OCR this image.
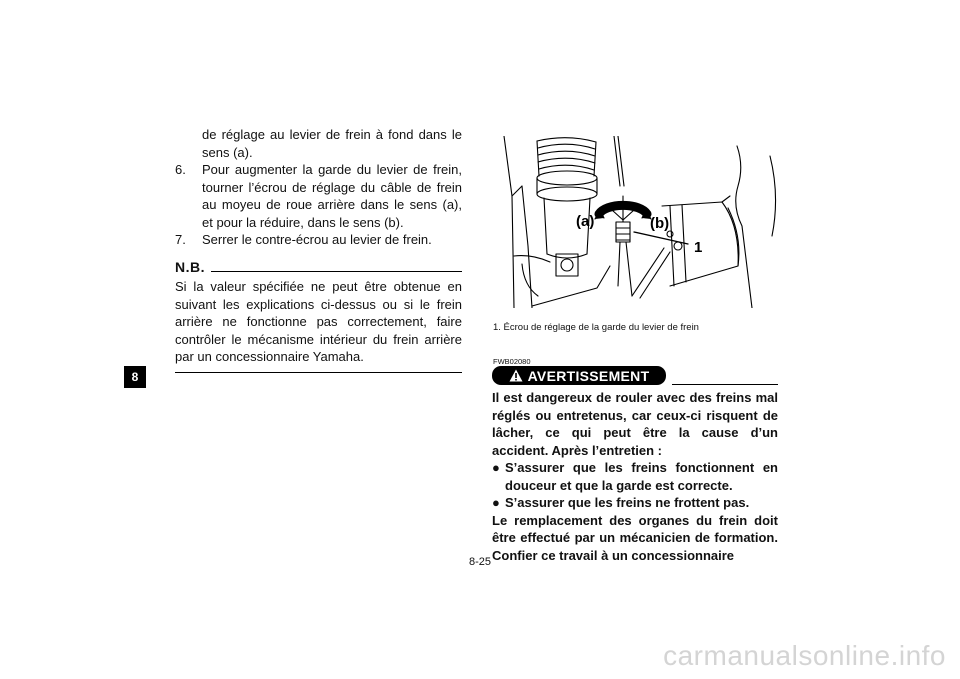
8
de réglage au levier de frein à fond dans le sens (a).
6.	Pour augmenter la garde du levier de frein, tourner l’écrou de réglage du câble de frein au moyeu de roue arrière dans le sens (a), et pour la réduire, dans le sens (b).
7.	Serrer le contre-écrou au levier de frein.
N.B.
Si la valeur spécifiée ne peut être obtenue en suivant les explications ci-dessus ou si le frein arrière ne fonctionne pas correctement, faire contrôler le mécanisme intérieur du frein arrière par un concessionnaire Yamaha.
(a)	(b)
1
1. Écrou de réglage de la garde du levier de frein
FWB02080
AVERTISSEMENT
Il est dangereux de rouler avec des freins mal réglés ou entretenus, car ceux-ci risquent de lâcher, ce qui peut être la cause d’un accident. Après l’entretien :
● S’assurer que les freins fonctionnent en douceur et que la garde est correcte.
● S’assurer que les freins ne frottent pas.
Le remplacement des organes du frein doit être effectué par un mécanicien de formation. Confier ce travail à un concessionnaire
8-25
carmanualsonline.info
